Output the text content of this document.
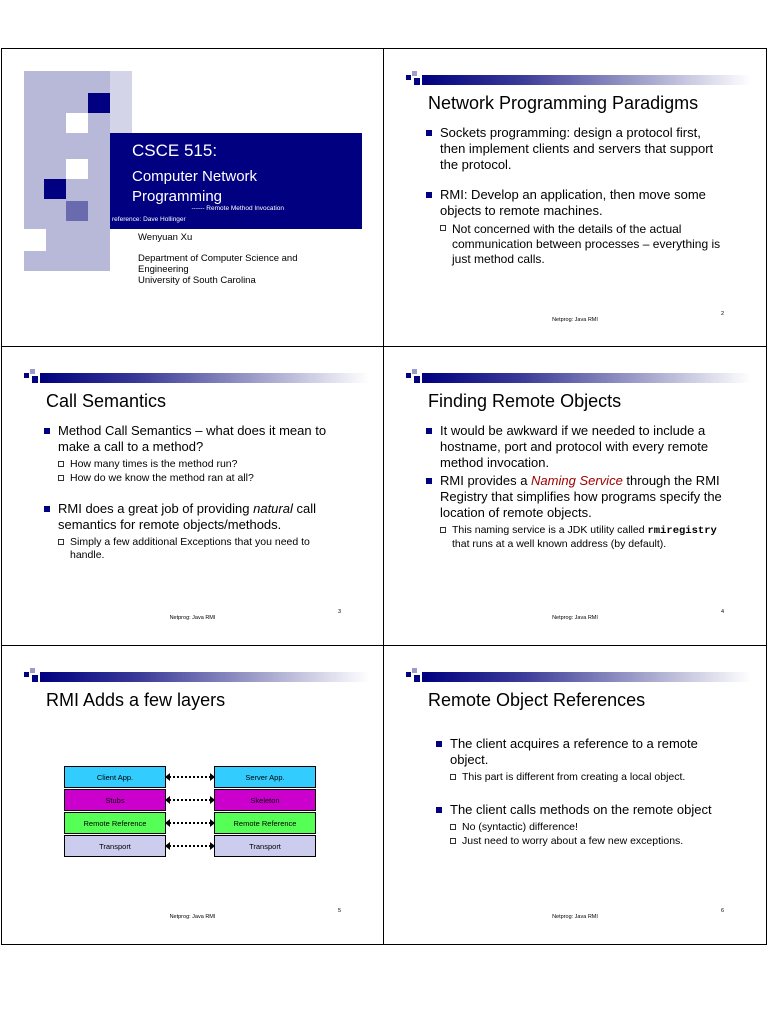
CSCE 515:
Computer Network
Programming
------ Remote Method Invocation
reference: Dave Hollinger
Wenyuan Xu
Department of Computer Science and
Engineering
University of South Carolina
Network Programming Paradigms
Sockets programming: design a protocol first, then implement clients and servers that support the protocol.
RMI: Develop an application, then move some objects to remote machines.
Not concerned with the details of the actual communication between processes – everything is just method calls.
Netprog: Java RMI
2
Call Semantics
Method Call Semantics – what does it mean to make a call to a method?
How many times is the method run?
How do we know the method ran at all?
RMI does a great job of providing natural call semantics for remote objects/methods.
Simply a few additional Exceptions that you need to handle.
Netprog: Java RMI
3
Finding Remote Objects
It would be awkward if we needed to include a hostname, port and protocol with every remote method invocation.
RMI provides a Naming Service through the RMI Registry that simplifies how programs specify the location of remote objects.
This naming service is a JDK utility called rmiregistry that runs at a well known address (by default).
Netprog: Java RMI
4
RMI Adds a few layers
Client App.
Stubs
Remote Reference
Transport
Server App.
Skeleton
Remote Reference
Transport
Netprog: Java RMI
5
Remote Object References
The client acquires a reference to a remote object.
This part is different from creating a local object.
The client calls methods on the remote object
No (syntactic) difference!
Just need to worry about a few new exceptions.
Netprog: Java RMI
6
